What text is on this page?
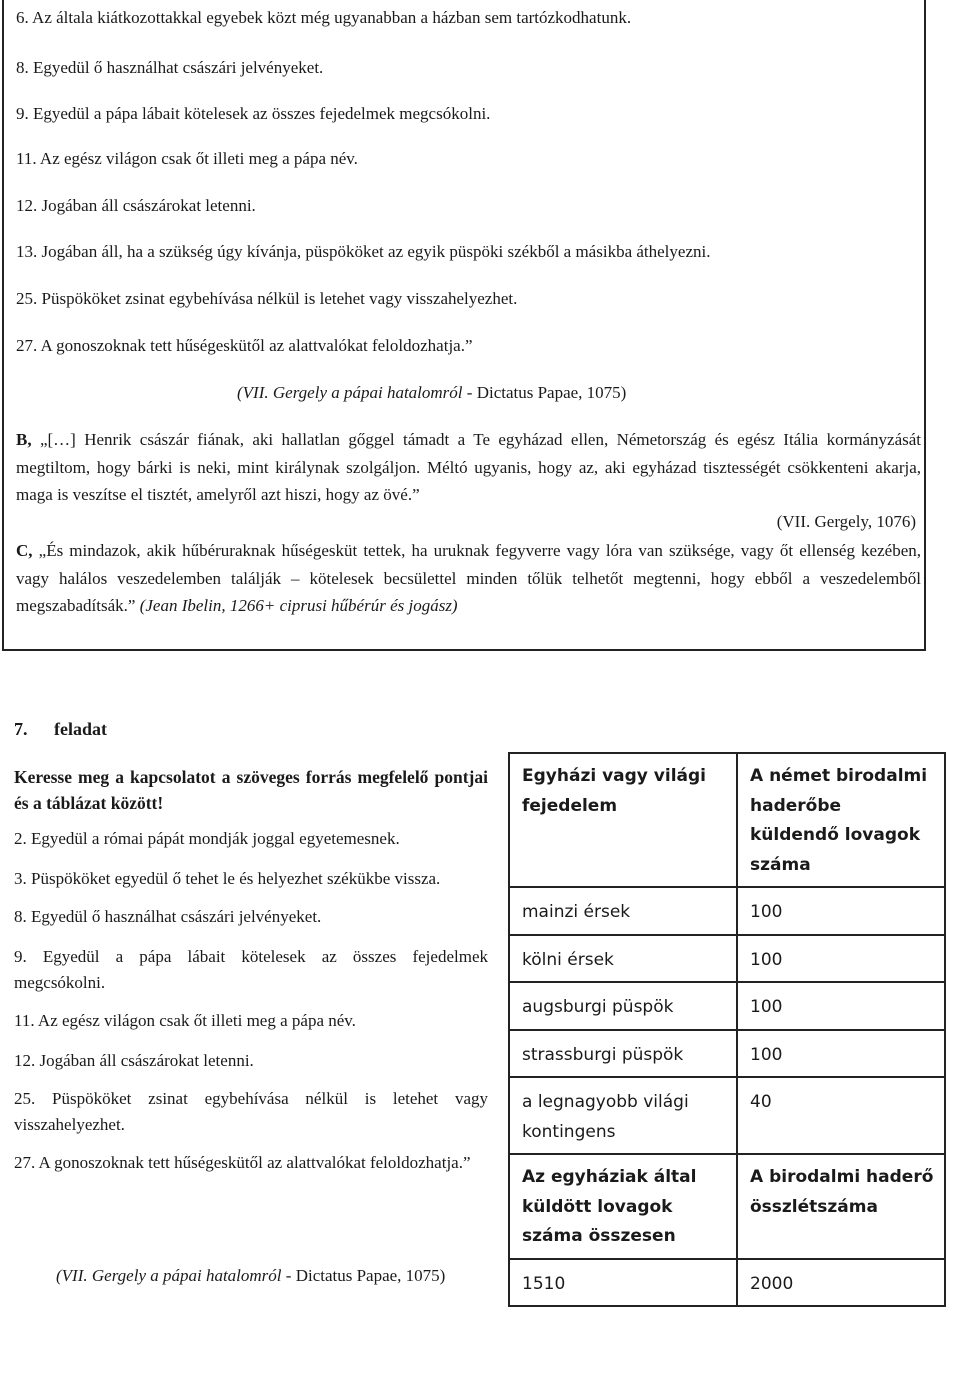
6. Az általa kiátkozottakkal egyebek közt még ugyanabban a házban sem tartózkodhatunk.
8. Egyedül ő használhat császári jelvényeket.
9. Egyedül a pápa lábait kötelesek az összes fejedelmek megcsókolni.
11. Az egész világon csak őt illeti meg a pápa név.
12. Jogában áll császárokat letenni.
13. Jogában áll, ha a szükség úgy kívánja, püspököket az egyik püspöki székből a másikba áthelyezni.
25. Püspököket zsinat egybehívása nélkül is letehet vagy visszahelyezhet.
27. A gonoszoknak tett hűségeskütől az alattvalókat feloldozhatja.”
(VII. Gergely a pápai hatalomról - Dictatus Papae, 1075)
B, „[…] Henrik császár fiának, aki hallatlan gőggel támadt a Te egyházad ellen, Németország és egész Itália kormányzását megtiltom, hogy bárki is neki, mint királynak szolgáljon. Méltó ugyanis, hogy az, aki egyházad tisztességét csökkenteni akarja, maga is veszítse el tisztét, amelyről azt hiszi, hogy az övé.”
(VII. Gergely, 1076)
C, „És mindazok, akik hűbéruraknak hűségesküt tettek, ha uruknak fegyverre vagy lóra van szüksége, vagy őt ellenség kezében, vagy halálos veszedelemben találják – kötelesek becsülettel minden tőlük telhetőt megtenni, hogy ebből a veszedelemből megszabadítsák.” (Jean Ibelin, 1266+ ciprusi hűbérúr és jogász)
7. feladat

Keresse meg a kapcsolatot a szöveges forrás megfelelő pontjai és a táblázat között!

2. Egyedül a római pápát mondják joggal egyetemesnek.

3. Püspököket egyedül ő tehet le és helyezhet székükbe vissza.

8. Egyedül ő használhat császári jelvényeket.

9. Egyedül a pápa lábait kötelesek az összes fejedelmek megcsókolni.

11. Az egész világon csak őt illeti meg a pápa név.

12. Jogában áll császárokat letenni.

25. Püspököket zsinat egybehívása nélkül is letehet vagy visszahelyezhet.

27. A gonoszoknak tett hűségeskütől az alattvalókat feloldozhatja.”

(VII. Gergely a pápai hatalomról - Dictatus Papae, 1075)
Egyházi vagy világi fejedelem	A német birodalmi haderőbe küldendő lovagok száma
mainzi érsek	100
kölni érsek	100
augsburgi püspök	100
strassburgi püspök	100
a legnagyobb világi kontingens	40
Az egyháziak által küldött lovagok száma összesen	A birodalmi haderő összlétszáma
1510	2000
